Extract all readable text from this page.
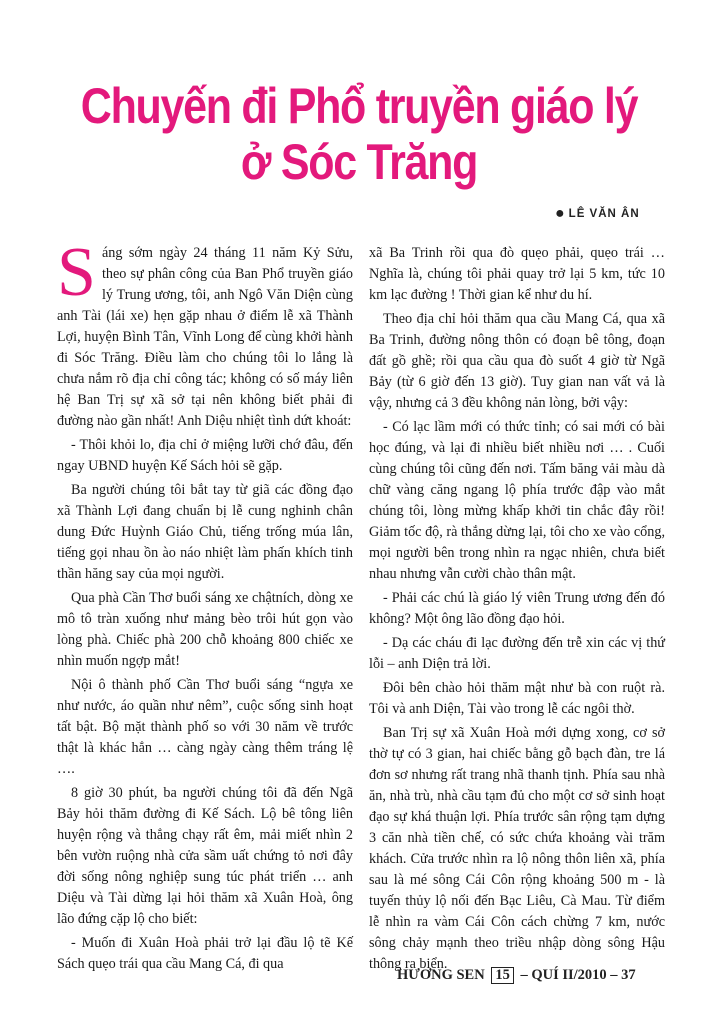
Chuyến đi Phổ truyền giáo lý
ở Sóc Trăng
● LÊ VĂN ÂN

Sáng sớm ngày 24 tháng 11 năm Kỷ Sửu, theo sự phân công của Ban Phổ truyền giáo lý Trung ương, tôi, anh Ngô Văn Diện cùng anh Tài (lái xe) hẹn gặp nhau ở điểm lễ xã Thành Lợi, huyện Bình Tân, Vĩnh Long để cùng khởi hành đi Sóc Trăng. Điều làm cho chúng tôi lo lắng là chưa nắm rõ địa chỉ công tác; không có số máy liên hệ Ban Trị sự xã sở tại nên không biết phải đi đường nào gần nhất! Anh Diệu nhiệt tình dứt khoát:

- Thôi khỏi lo, địa chỉ ở miệng lưỡi chớ đâu, đến ngay UBND huyện Kế Sách hỏi sẽ gặp.

Ba người chúng tôi bắt tay từ giã các đồng đạo xã Thành Lợi đang chuẩn bị lễ cung nghinh chân dung Đức Huỳnh Giáo Chủ, tiếng trống múa lân, tiếng gọi nhau ồn ào náo nhiệt làm phấn khích tinh thần hăng say của mọi người.

Qua phà Cần Thơ buổi sáng xe chậtních, dòng xe mô tô tràn xuống như mảng bèo trôi hút gọn vào lòng phà. Chiếc phà 200 chỗ khoảng 800 chiếc xe nhìn muốn ngợp mắt!

Nội ô thành phố Cần Thơ buổi sáng “ngựa xe như nước, áo quần như nêm”, cuộc sống sinh hoạt tất bật. Bộ mặt thành phố so với 30 năm về trước thật là khác hẳn … càng ngày càng thêm tráng lệ ….

8 giờ 30 phút, ba người chúng tôi đã đến Ngã Bảy hỏi thăm đường đi Kế Sách. Lộ bê tông liên huyện rộng và thẳng chạy rất êm, mải miết nhìn 2 bên vườn ruộng nhà cửa sầm uất chứng tỏ nơi đây đời sống nông nghiệp sung túc phát triển … anh Diệu và Tài dừng lại hỏi thăm xã Xuân Hoà, ông lão đứng cặp lộ cho biết:

- Muốn đi Xuân Hoà phải trở lại đầu lộ tẽ Kế Sách quẹo trái qua cầu Mang Cá, đi qua

xã Ba Trinh rồi qua đò quẹo phải, quẹo trái … Nghĩa là, chúng tôi phải quay trở lại 5 km, tức 10 km lạc đường ! Thời gian kể như du hí.

Theo địa chỉ hỏi thăm qua cầu Mang Cá, qua xã Ba Trinh, đường nông thôn có đoạn bê tông, đoạn đất gồ ghề; rồi qua cầu qua đò suốt 4 giờ từ Ngã Bảy (từ 6 giờ đến 13 giờ). Tuy gian nan vất vả là vậy, nhưng cả 3 đều không nản lòng, bởi vậy:

- Có lạc lầm mới có thức tỉnh; có sai mới có bài học đúng, và lại đi nhiều biết nhiều nơi … . Cuối cùng chúng tôi cũng đến nơi. Tấm băng vải màu dà chữ vàng căng ngang lộ phía trước đập vào mắt chúng tôi, lòng mừng khấp khởi tin chắc đây rồi! Giảm tốc độ, rà thắng dừng lại, tôi cho xe vào cổng, mọi người bên trong nhìn ra ngạc nhiên, chưa biết nhau nhưng vẫn cười chào thân mật.

- Phải các chú là giáo lý viên Trung ương đến đó không? Một ông lão đồng đạo hỏi.

- Dạ các cháu đi lạc đường đến trễ xin các vị thứ lỗi – anh Diện trả lời.

Đôi bên chào hỏi thăm mật như bà con ruột rà. Tôi và anh Diện, Tài vào trong lễ các ngôi thờ.

Ban Trị sự xã Xuân Hoà mới dựng xong, cơ sở thờ tự có 3 gian, hai chiếc bằng gỗ bạch đàn, tre lá đơn sơ nhưng rất trang nhã thanh tịnh. Phía sau nhà ăn, nhà trù, nhà cầu tạm đủ cho một cơ sở sinh hoạt đạo sự khá thuận lợi. Phía trước sân rộng tạm dựng 3 căn nhà tiền chế, có sức chứa khoảng vài trăm khách. Cửa trước nhìn ra lộ nông thôn liên xã, phía sau là mé sông Cái Côn rộng khoảng 500 m - là tuyến thủy lộ nối đến Bạc Liêu, Cà Mau. Từ điểm lễ nhìn ra vàm Cái Côn cách chừng 7 km, nước sông chảy mạnh theo triều nhập dòng sông Hậu thông ra biển.

HƯƠNG SEN 15 – QUÍ II/2010 – 37
